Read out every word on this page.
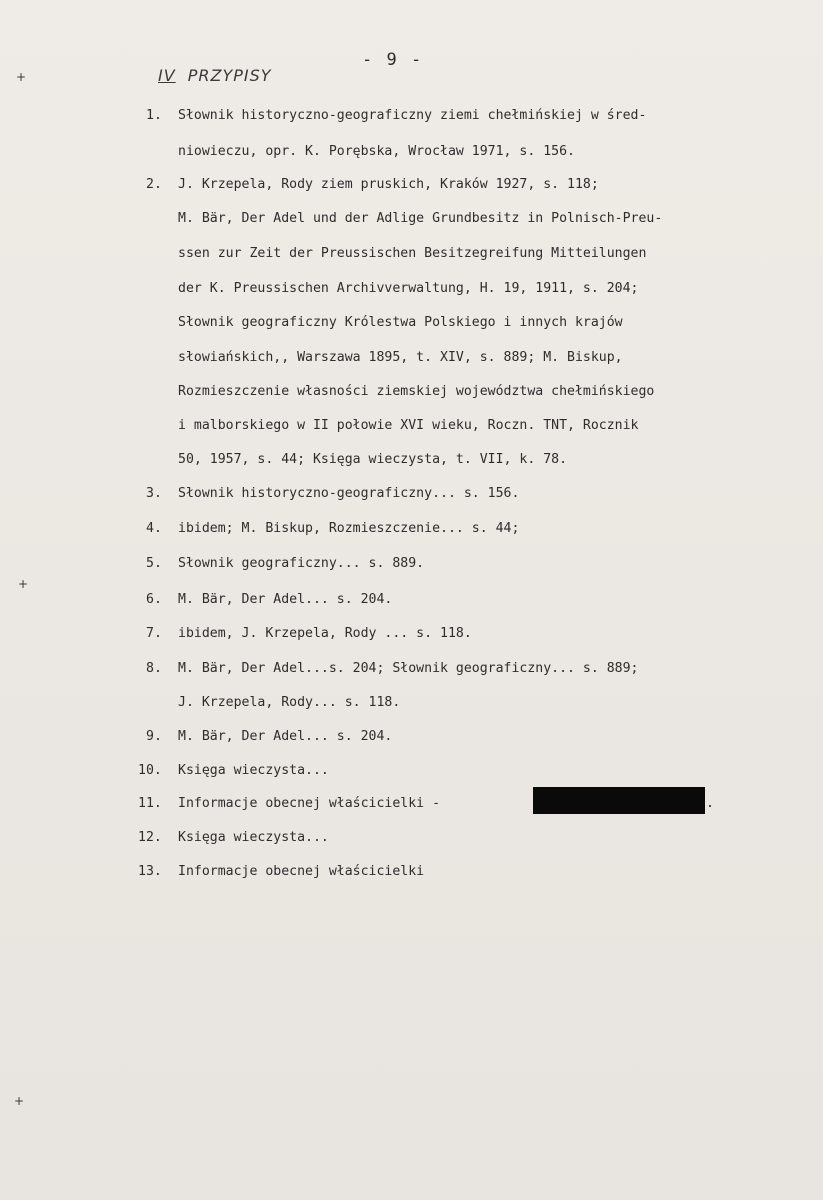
- 9 -
IV PRZYPISY
1. Słownik historyczno-geograficzny ziemi chełmińskiej w śred-
niowieczu, opr. K. Porębska, Wrocław 1971, s. 156.
2. J. Krzepela, Rody ziem pruskich, Kraków 1927, s. 118;
M. Bär, Der Adel und der Adlige Grundbesitz in Polnisch-Preu-
ssen zur Zeit der Preussischen Besitzegreifung Mitteilungen
der K. Preussischen Archivverwaltung, H. 19, 1911, s. 204;
Słownik geograficzny Królestwa Polskiego i innych krajów
słowiańskich,, Warszawa 1895, t. XIV, s. 889; M. Biskup,
Rozmieszczenie własności ziemskiej województwa chełmińskiego
i malborskiego w II połowie XVI wieku, Roczn. TNT, Rocznik
50, 1957, s. 44; Księga wieczysta, t. VII, k. 78.
3. Słownik historyczno-geograficzny... s. 156.
4. ibidem; M. Biskup, Rozmieszczenie... s. 44;
5. Słownik geograficzny... s. 889.
6. M. Bär, Der Adel... s. 204.
7. ibidem, J. Krzepela, Rody ... s. 118.
8. M. Bär, Der Adel...s. 204; Słownik geograficzny... s. 889;
J. Krzepela, Rody... s. 118.
9. M. Bär, Der Adel... s. 204.
10. Księga wieczysta...
11. Informacje obecnej właścicielki -	.
12. Księga wieczysta...
13. Informacje obecnej właścicielki
+
+
+
